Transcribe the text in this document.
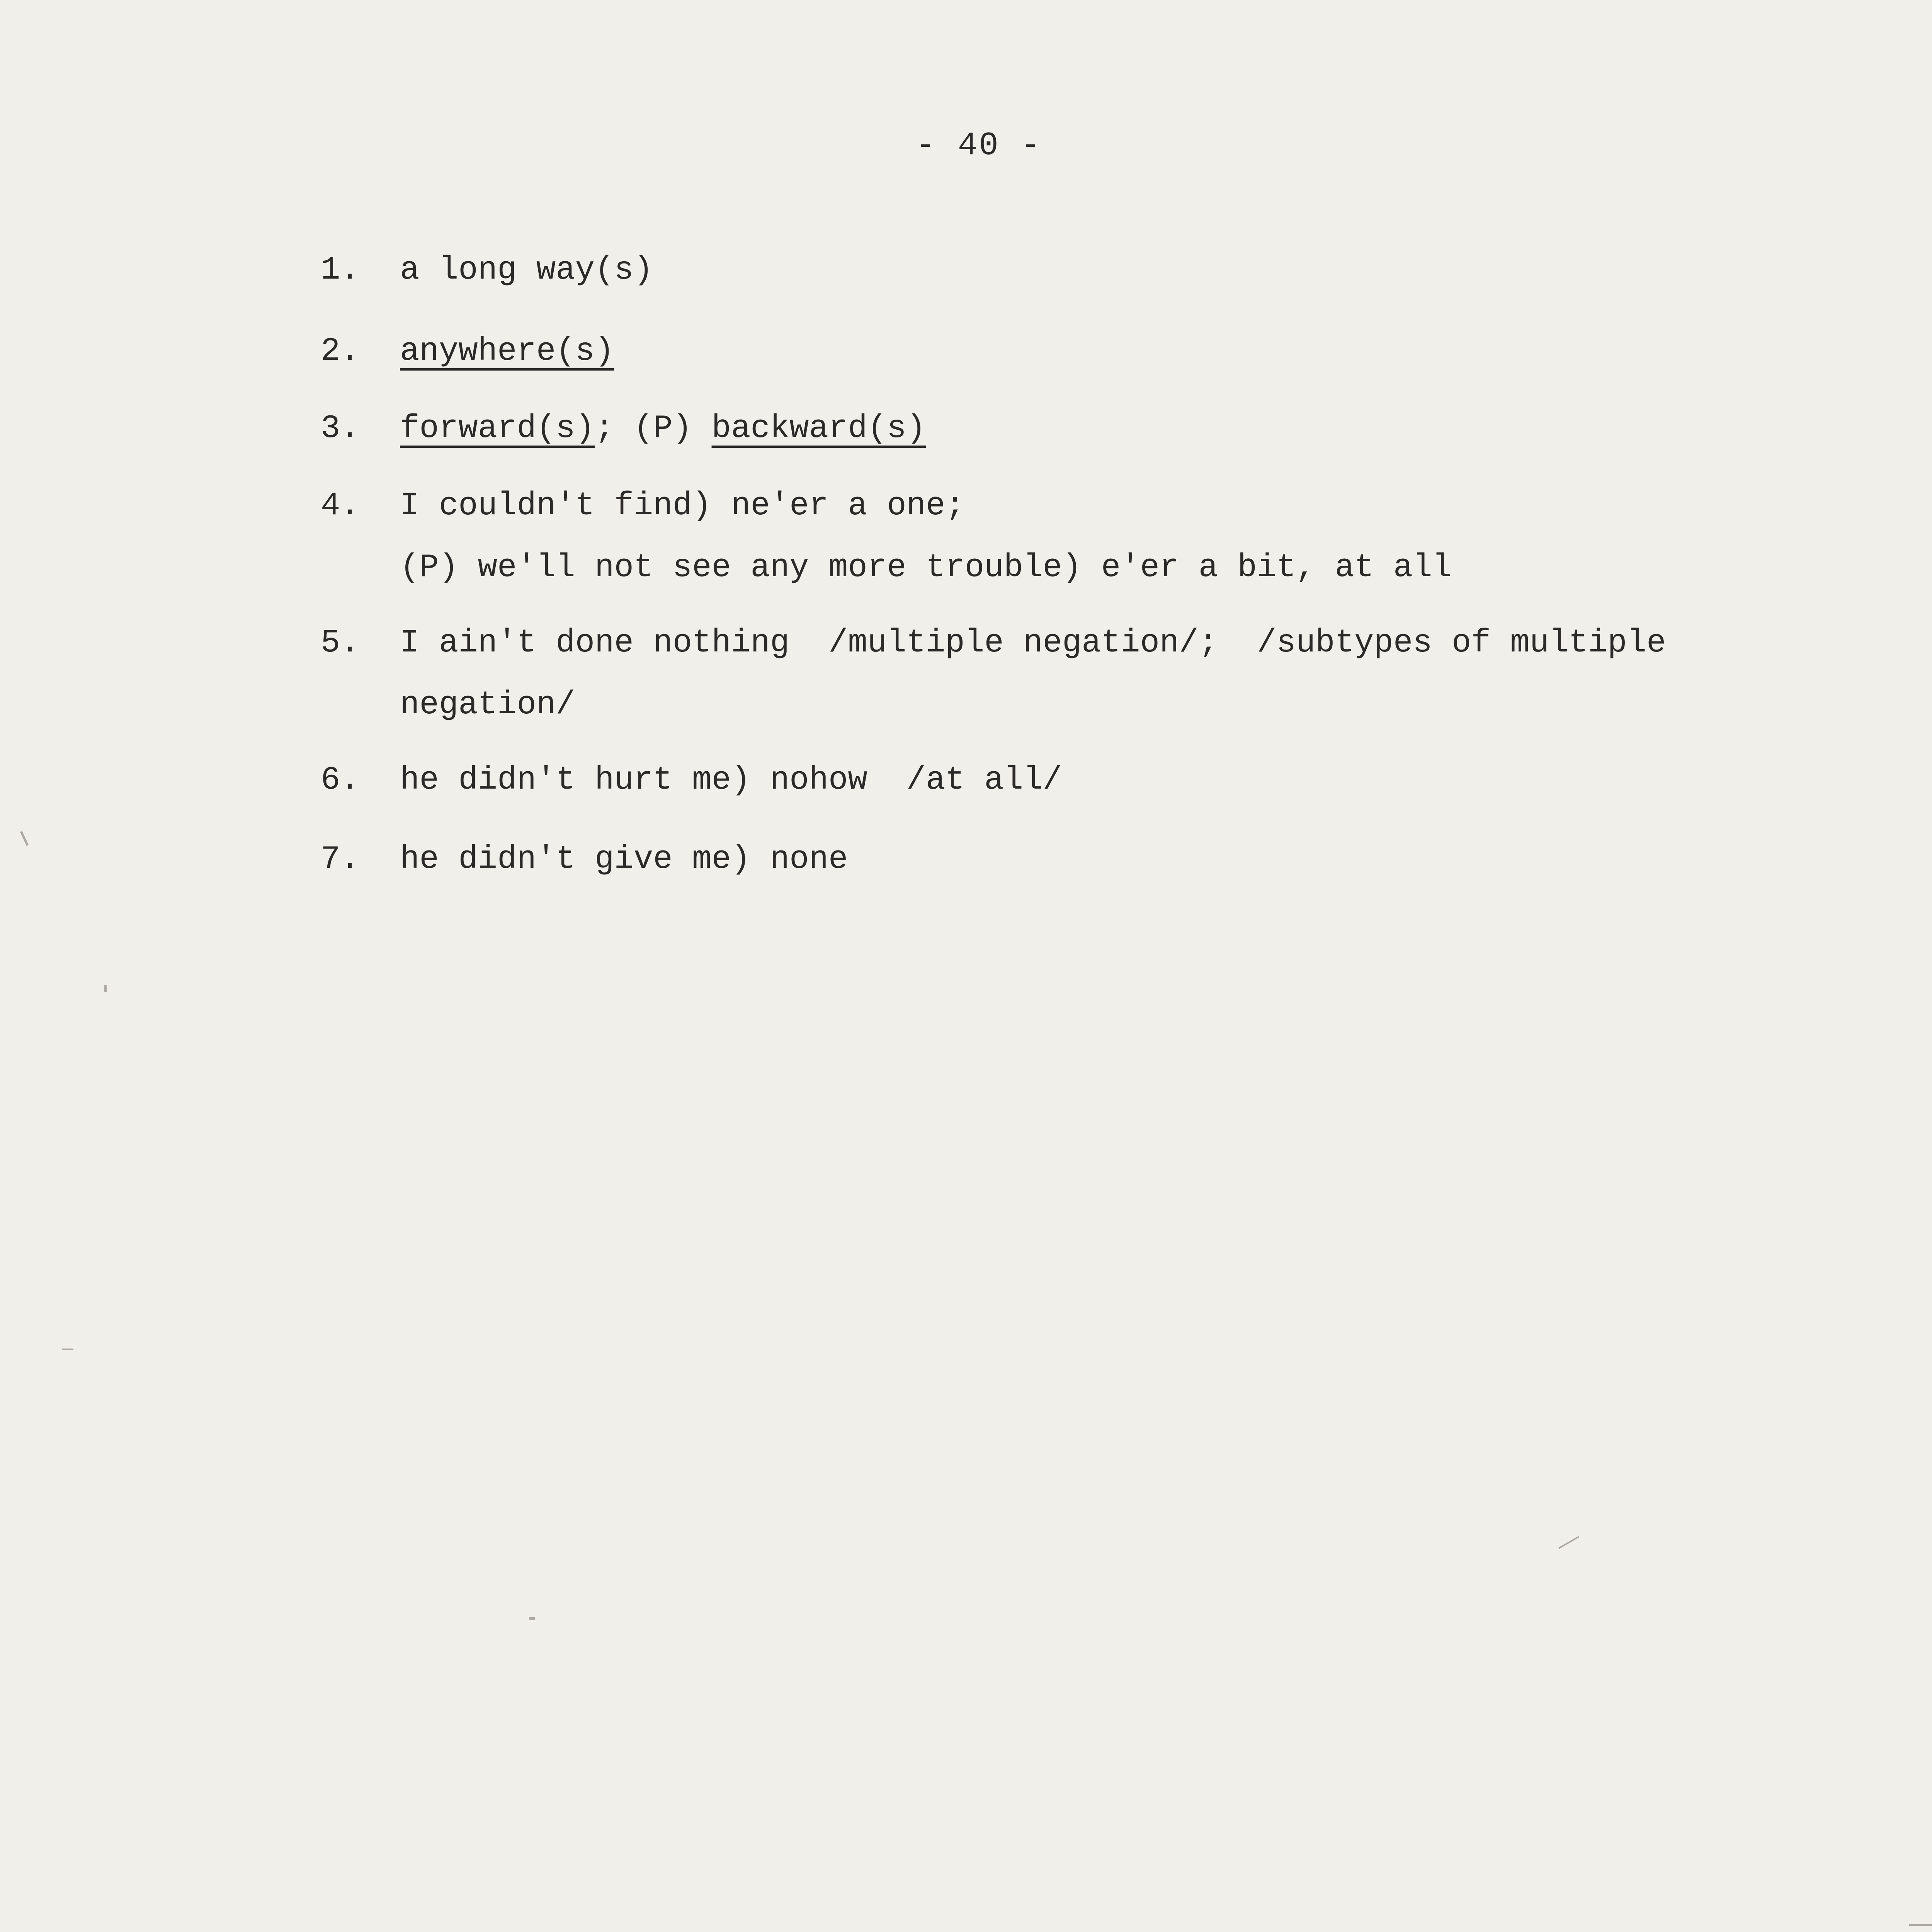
- 40 -
1.	a long way(s)
2.	anywhere(s)
3.	forward(s); (P) backward(s)
4.	I couldn't find) ne'er a one;
(P) we'll not see any more trouble) e'er a bit, at all
5.	I ain't done nothing  /multiple negation/;  /subtypes of multiple
negation/
6.	he didn't hurt me) nohow  /at all/
7.	he didn't give me) none
